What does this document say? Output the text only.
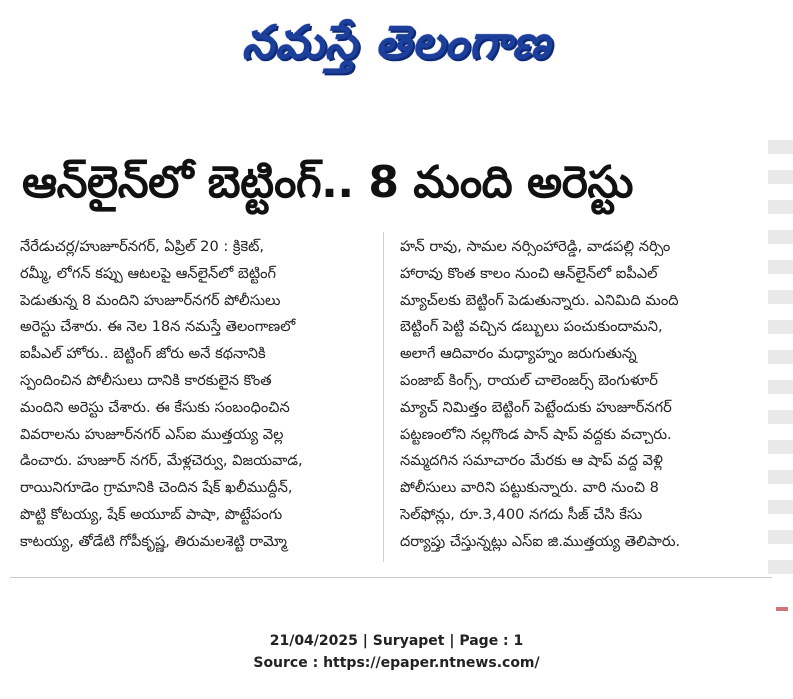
నమస్తే తెలంగాణ
ఆన్‌లైన్‌లో బెట్టింగ్.. 8 మంది అరెస్టు
నేరేడుచర్ల/హుజూర్‌నగర్, ఏప్రిల్ 20 : క్రికెట్,
రమ్మీ, లోగన్ కప్పు ఆటలపై ఆన్‌లైన్‌లో బెట్టింగ్
పెడుతున్న 8 మందిని హుజూర్‌నగర్ పోలీసులు
అరెస్టు చేశారు. ఈ నెల 18న నమస్తే తెలంగాణలో
ఐపీఎల్ హోరు.. బెట్టింగ్ జోరు అనే కథనానికి
స్పందించిన పోలీసులు దానికి కారకులైన కొంత
మందిని అరెస్టు చేశారు. ఈ కేసుకు సంబంధించిన
వివరాలను హుజూర్‌నగర్ ఎస్ఐ ముత్తయ్య వెల్ల
డించారు. హుజూర్ నగర్, మేళ్లచెర్వు, విజయవాడ,
రాయినిగూడెం గ్రామానికి చెందిన షేక్ ఖలీముద్దీన్,
పొట్టి కోటయ్య, షేక్ అయూబ్ పాషా, పొట్టేపంగు
కాటయ్య, తోడేటి గోపీకృష్ణ, తిరుమలశెట్టి రామ్మో
హన్ రావు, సామల నర్సింహారెడ్డి, వాడపల్లి నర్సిం
హారావు కొంత కాలం నుంచి ఆన్‌లైన్‌లో ఐపీఎల్
మ్యాచ్‌లకు బెట్టింగ్ పెడుతున్నారు. ఎనిమిది మంది
బెట్టింగ్ పెట్టి వచ్చిన డబ్బులు పంచుకుందామని,
అలాగే ఆదివారం మధ్యాహ్నం జరుగుతున్న
పంజాబ్ కింగ్స్, రాయల్ చాలెంజర్స్ బెంగుళూర్
మ్యాచ్ నిమిత్తం బెట్టింగ్ పెట్టేందుకు హుజూర్‌నగర్
పట్టణంలోని నల్లగొండ పాన్ షాప్ వద్దకు వచ్చారు.
నమ్మదగిన సమాచారం మేరకు ఆ షాప్ వద్ద వెళ్లి
పోలీసులు వారిని పట్టుకున్నారు. వారి నుంచి 8
సెల్‌ఫోన్లు, రూ.3,400 నగదు సీజ్ చేసి కేసు
దర్యాప్తు చేస్తున్నట్లు ఎస్ఐ జి.ముత్తయ్య తెలిపారు.
21/04/2025 | Suryapet | Page : 1
Source : https://epaper.ntnews.com/
